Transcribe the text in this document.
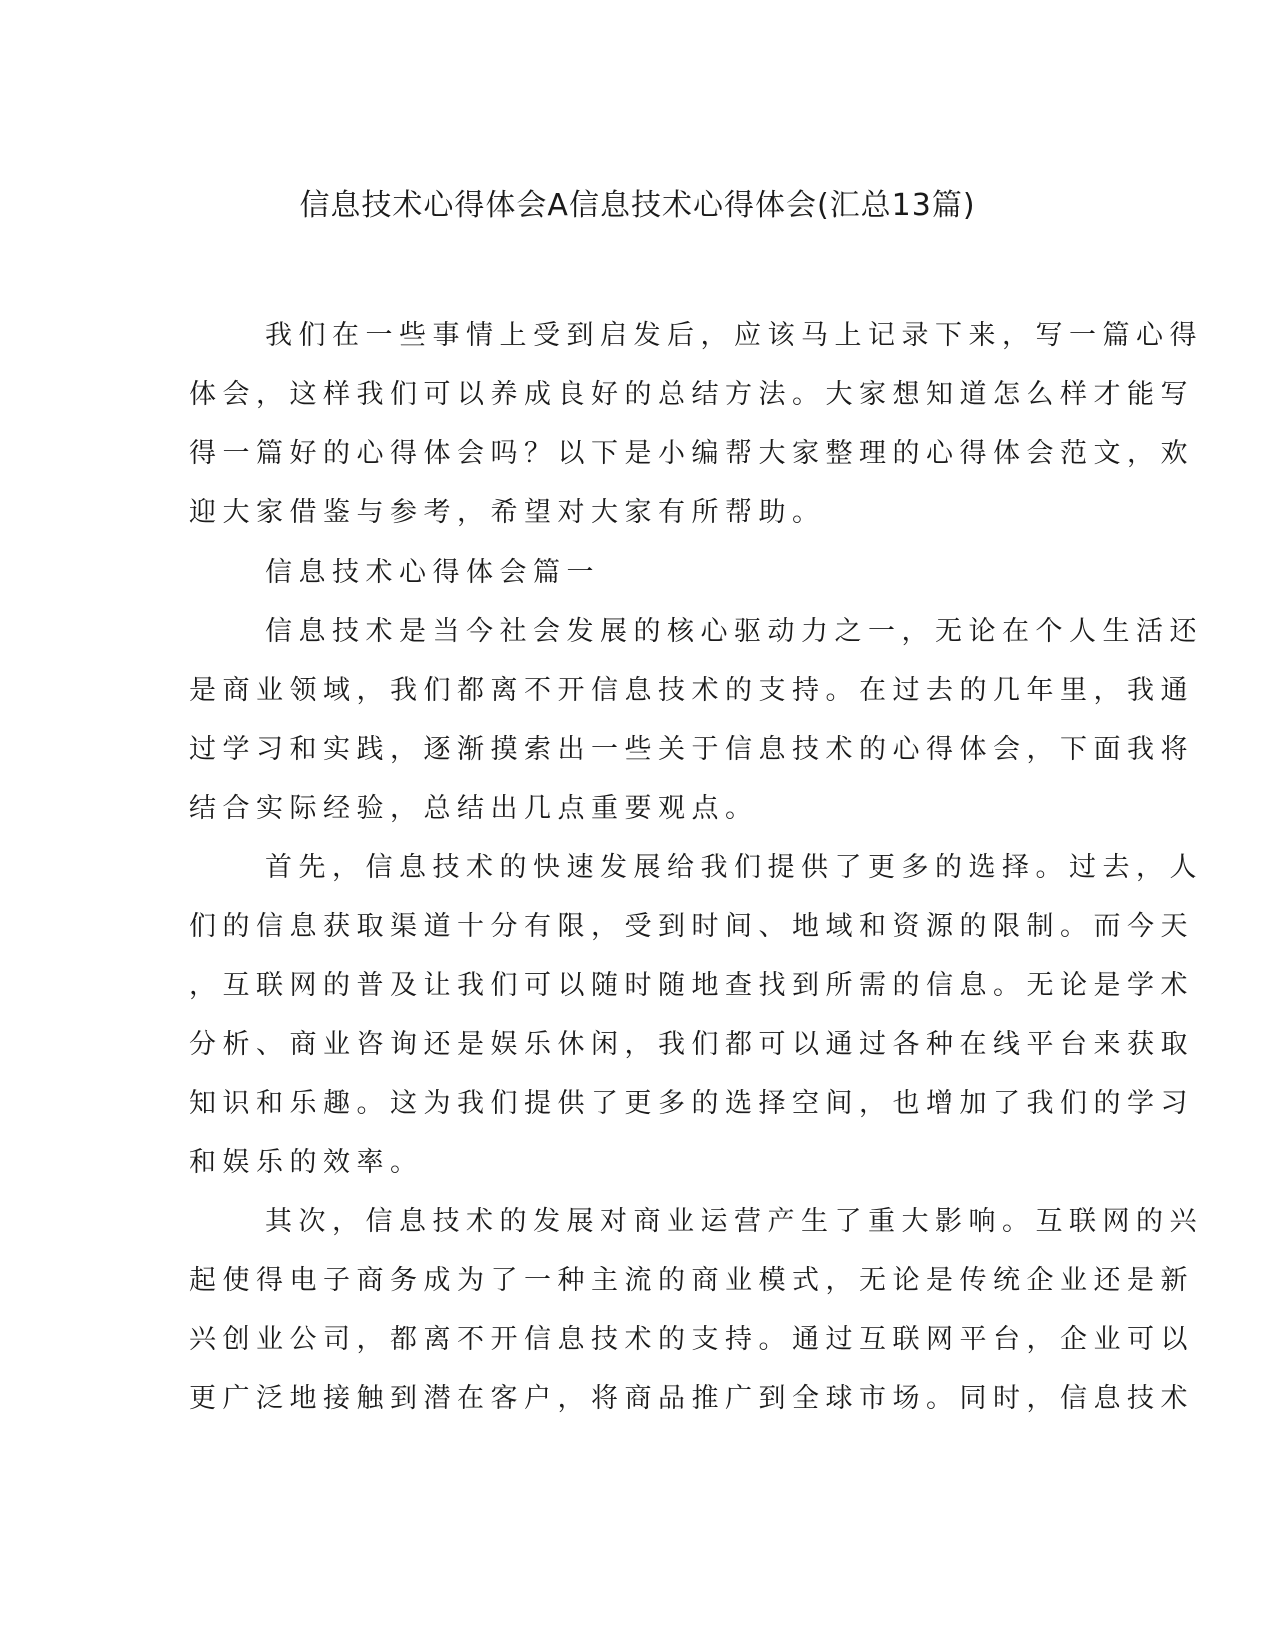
信息技术心得体会A信息技术心得体会(汇总13篇)
我们在一些事情上受到启发后，应该马上记录下来，写一篇心得
体会，这样我们可以养成良好的总结方法。大家想知道怎么样才能写
得一篇好的心得体会吗？以下是小编帮大家整理的心得体会范文，欢
迎大家借鉴与参考，希望对大家有所帮助。
信息技术心得体会篇一
信息技术是当今社会发展的核心驱动力之一，无论在个人生活还
是商业领域，我们都离不开信息技术的支持。在过去的几年里，我通
过学习和实践，逐渐摸索出一些关于信息技术的心得体会，下面我将
结合实际经验，总结出几点重要观点。
首先，信息技术的快速发展给我们提供了更多的选择。过去，人
们的信息获取渠道十分有限，受到时间、地域和资源的限制。而今天
，互联网的普及让我们可以随时随地查找到所需的信息。无论是学术
分析、商业咨询还是娱乐休闲，我们都可以通过各种在线平台来获取
知识和乐趣。这为我们提供了更多的选择空间，也增加了我们的学习
和娱乐的效率。
其次，信息技术的发展对商业运营产生了重大影响。互联网的兴
起使得电子商务成为了一种主流的商业模式，无论是传统企业还是新
兴创业公司，都离不开信息技术的支持。通过互联网平台，企业可以
更广泛地接触到潜在客户，将商品推广到全球市场。同时，信息技术
